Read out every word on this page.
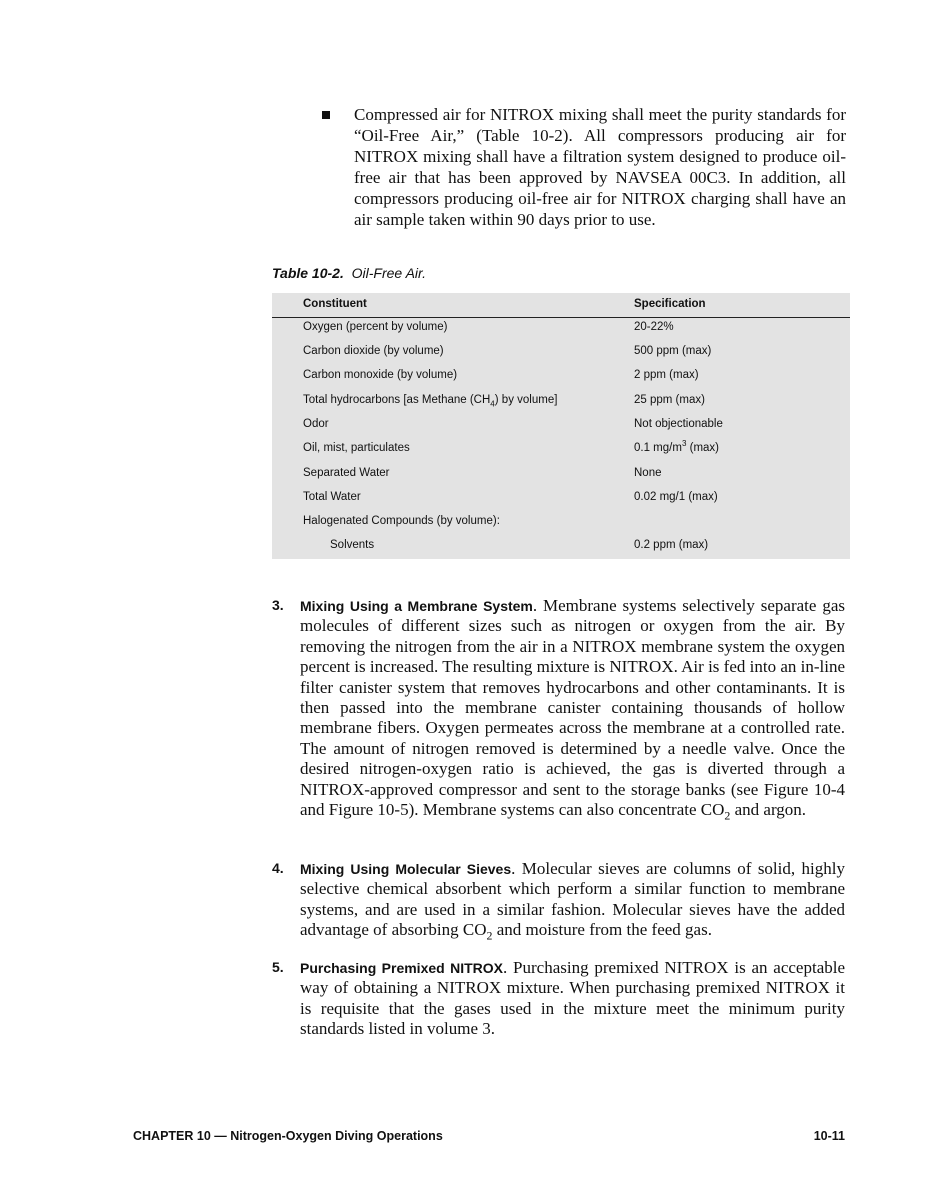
Compressed air for NITROX mixing shall meet the purity standards for “Oil-Free Air,” (Table 10-2). All compressors producing air for NITROX mixing shall have a filtration system designed to produce oil-free air that has been approved by NAVSEA 00C3. In addition, all compressors producing oil-free air for NITROX charging shall have an air sample taken within 90 days prior to use.

Table 10-2. Oil-Free Air.
Constituent	Specification
Oxygen (percent by volume)	20-22%
Carbon dioxide (by volume)	500 ppm (max)
Carbon monoxide (by volume)	2 ppm (max)
Total hydrocarbons [as Methane $(CH_4)$ by volume]	25 ppm (max)
Odor	Not objectionable
Oil, mist, particulates	0.1 $mg/m^3$ (max)
Separated Water	None
Total Water	0.02 mg/1 (max)
Halogenated Compounds (by volume):
Solvents	0.2 ppm (max)
3. Mixing Using a Membrane System. Membrane systems selectively separate gas molecules of different sizes such as nitrogen or oxygen from the air. By removing the nitrogen from the air in a NITROX membrane system the oxygen percent is increased. The resulting mixture is NITROX. Air is fed into an in-line filter canister system that removes hydrocarbons and other contaminants. It is then passed into the membrane canister containing thousands of hollow membrane fibers. Oxygen permeates across the membrane at a controlled rate. The amount of nitrogen removed is determined by a needle valve. Once the desired nitrogen-oxygen ratio is achieved, the gas is diverted through a NITROX-approved compressor and sent to the storage banks (see Figure 10-4 and Figure 10-5). Membrane systems can also concentrate $CO_2$ and argon.

4. Mixing Using Molecular Sieves. Molecular sieves are columns of solid, highly selective chemical absorbent which perform a similar function to membrane systems, and are used in a similar fashion. Molecular sieves have the added advantage of absorbing $CO_2$ and moisture from the feed gas.

5. Purchasing Premixed NITROX. Purchasing premixed NITROX is an acceptable way of obtaining a NITROX mixture. When purchasing premixed NITROX it is requisite that the gases used in the mixture meet the minimum purity standards listed in volume 3.

CHAPTER 10 — Nitrogen-Oxygen Diving Operations	10-11
